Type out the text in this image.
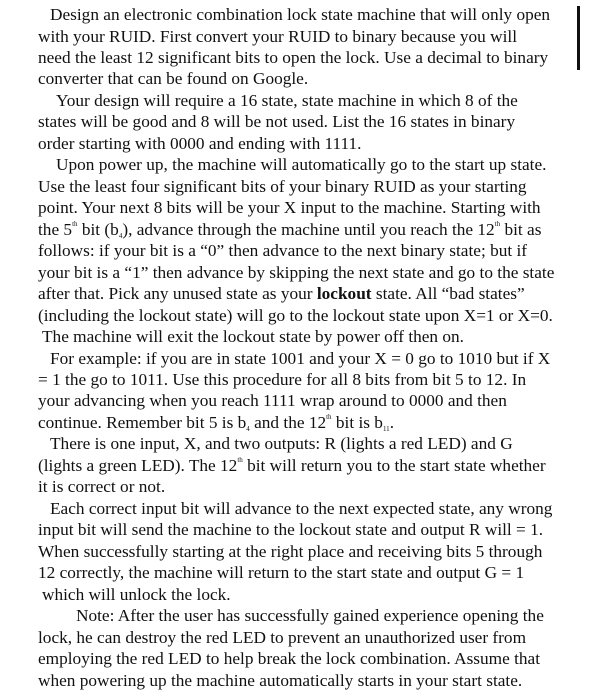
Design an electronic combination lock state machine that will only open
with your RUID. First convert your RUID to binary because you will
need the least 12 significant bits to open the lock. Use a decimal to binary
converter that can be found on Google.
Your design will require a 16 state, state machine in which 8 of the
states will be good and 8 will be not used. List the 16 states in binary
order starting with 0000 and ending with 1111.
Upon power up, the machine will automatically go to the start up state.
Use the least four significant bits of your binary RUID as your starting
point. Your next 8 bits will be your X input to the machine. Starting with
the 5th bit $(b_4)$, advance through the machine until you reach the 12th bit as
follows: if your bit is a “0” then advance to the next binary state; but if
your bit is a “1” then advance by skipping the next state and go to the state
after that. Pick any unused state as your lockout state. All “bad states”
(including the lockout state) will go to the lockout state upon X=1 or X=0.
The machine will exit the lockout state by power off then on.
For example: if you are in state 1001 and your X = 0 go to 1010 but if X
= 1 the go to 1011. Use this procedure for all 8 bits from bit 5 to 12. In
your advancing when you reach 1111 wrap around to 0000 and then
continue. Remember bit 5 is $b_4$ and the 12th bit is $b_{11}$.
There is one input, X, and two outputs: R (lights a red LED) and G
(lights a green LED). The 12th bit will return you to the start state whether
it is correct or not.
Each correct input bit will advance to the next expected state, any wrong
input bit will send the machine to the lockout state and output R will = 1.
When successfully starting at the right place and receiving bits 5 through
12 correctly, the machine will return to the start state and output G = 1
which will unlock the lock.
Note: After the user has successfully gained experience opening the
lock, he can destroy the red LED to prevent an unauthorized user from
employing the red LED to help break the lock combination. Assume that
when powering up the machine automatically starts in your start state.
